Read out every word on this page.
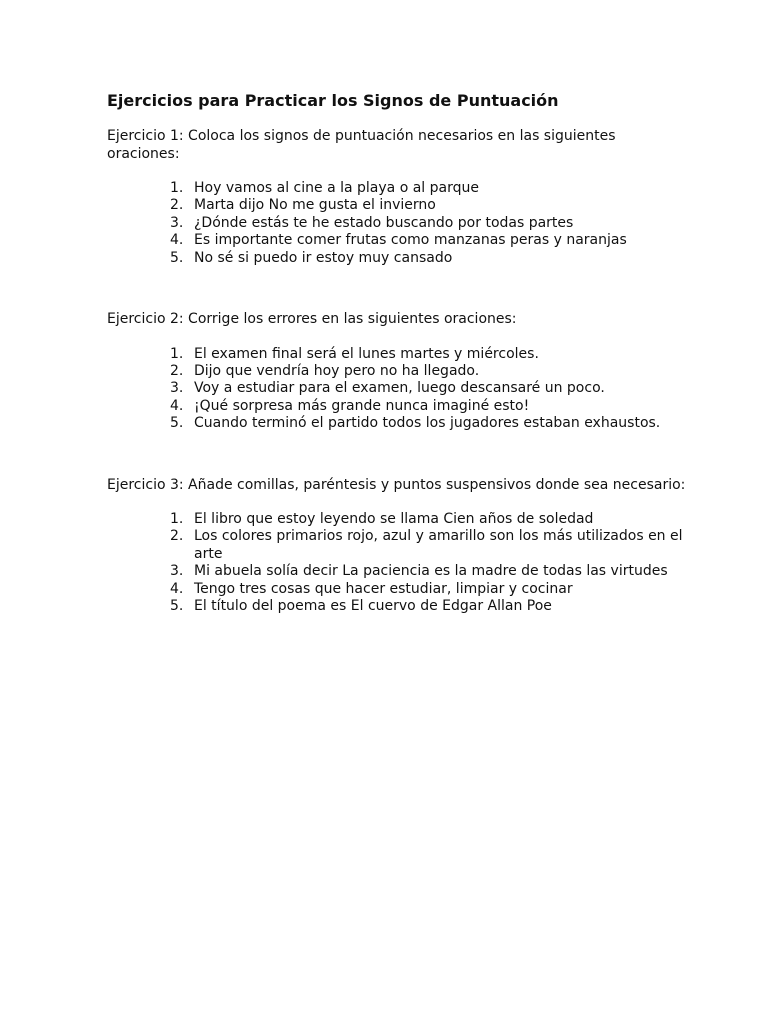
Ejercicios para Practicar los Signos de Puntuación

Ejercicio 1: Coloca los signos de puntuación necesarios en las siguientes oraciones:

1. Hoy vamos al cine a la playa o al parque
2. Marta dijo No me gusta el invierno
3. ¿Dónde estás te he estado buscando por todas partes
4. Es importante comer frutas como manzanas peras y naranjas
5. No sé si puedo ir estoy muy cansado

Ejercicio 2: Corrige los errores en las siguientes oraciones:

1. El examen final será el lunes martes y miércoles.
2. Dijo que vendría hoy pero no ha llegado.
3. Voy a estudiar para el examen, luego descansaré un poco.
4. ¡Qué sorpresa más grande nunca imaginé esto!
5. Cuando terminó el partido todos los jugadores estaban exhaustos.

Ejercicio 3: Añade comillas, paréntesis y puntos suspensivos donde sea necesario:

1. El libro que estoy leyendo se llama Cien años de soledad
2. Los colores primarios rojo, azul y amarillo son los más utilizados en el arte
3. Mi abuela solía decir La paciencia es la madre de todas las virtudes
4. Tengo tres cosas que hacer estudiar, limpiar y cocinar
5. El título del poema es El cuervo de Edgar Allan Poe
